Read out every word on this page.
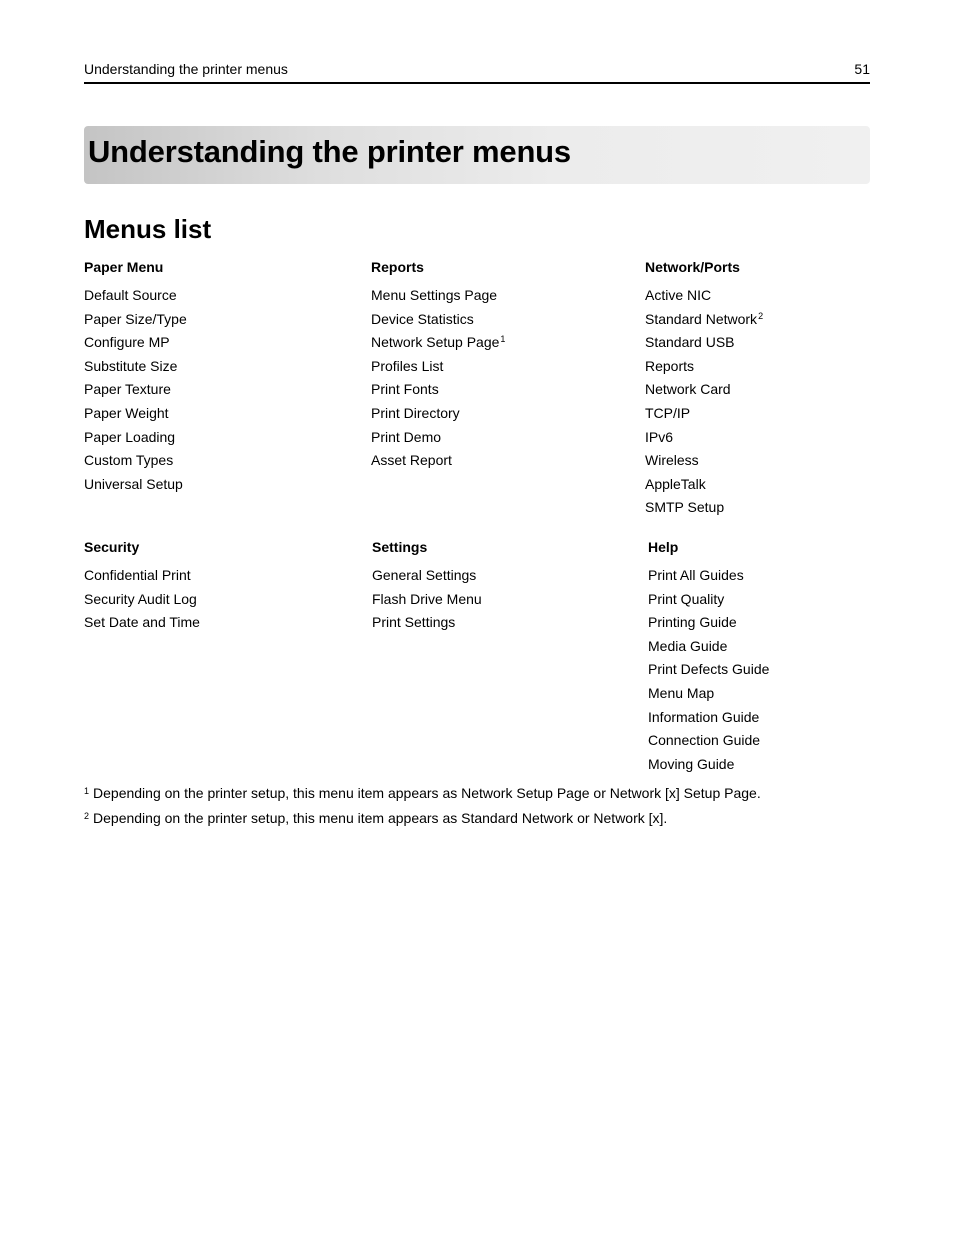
Understanding the printer menus	51
Understanding the printer menus
Menus list
Paper Menu
Default Source
Paper Size/Type
Configure MP
Substitute Size
Paper Texture
Paper Weight
Paper Loading
Custom Types
Universal Setup
Reports
Menu Settings Page
Device Statistics
Network Setup Page$^1$
Profiles List
Print Fonts
Print Directory
Print Demo
Asset Report
Network/Ports
Active NIC
Standard Network$^2$
Standard USB
Reports
Network Card
TCP/IP
IPv6
Wireless
AppleTalk
SMTP Setup
Security
Confidential Print
Security Audit Log
Set Date and Time
Settings
General Settings
Flash Drive Menu
Print Settings
Help
Print All Guides
Print Quality
Printing Guide
Media Guide
Print Defects Guide
Menu Map
Information Guide
Connection Guide
Moving Guide
$^1$ Depending on the printer setup, this menu item appears as Network Setup Page or Network [x] Setup Page.
$^2$ Depending on the printer setup, this menu item appears as Standard Network or Network [x].
